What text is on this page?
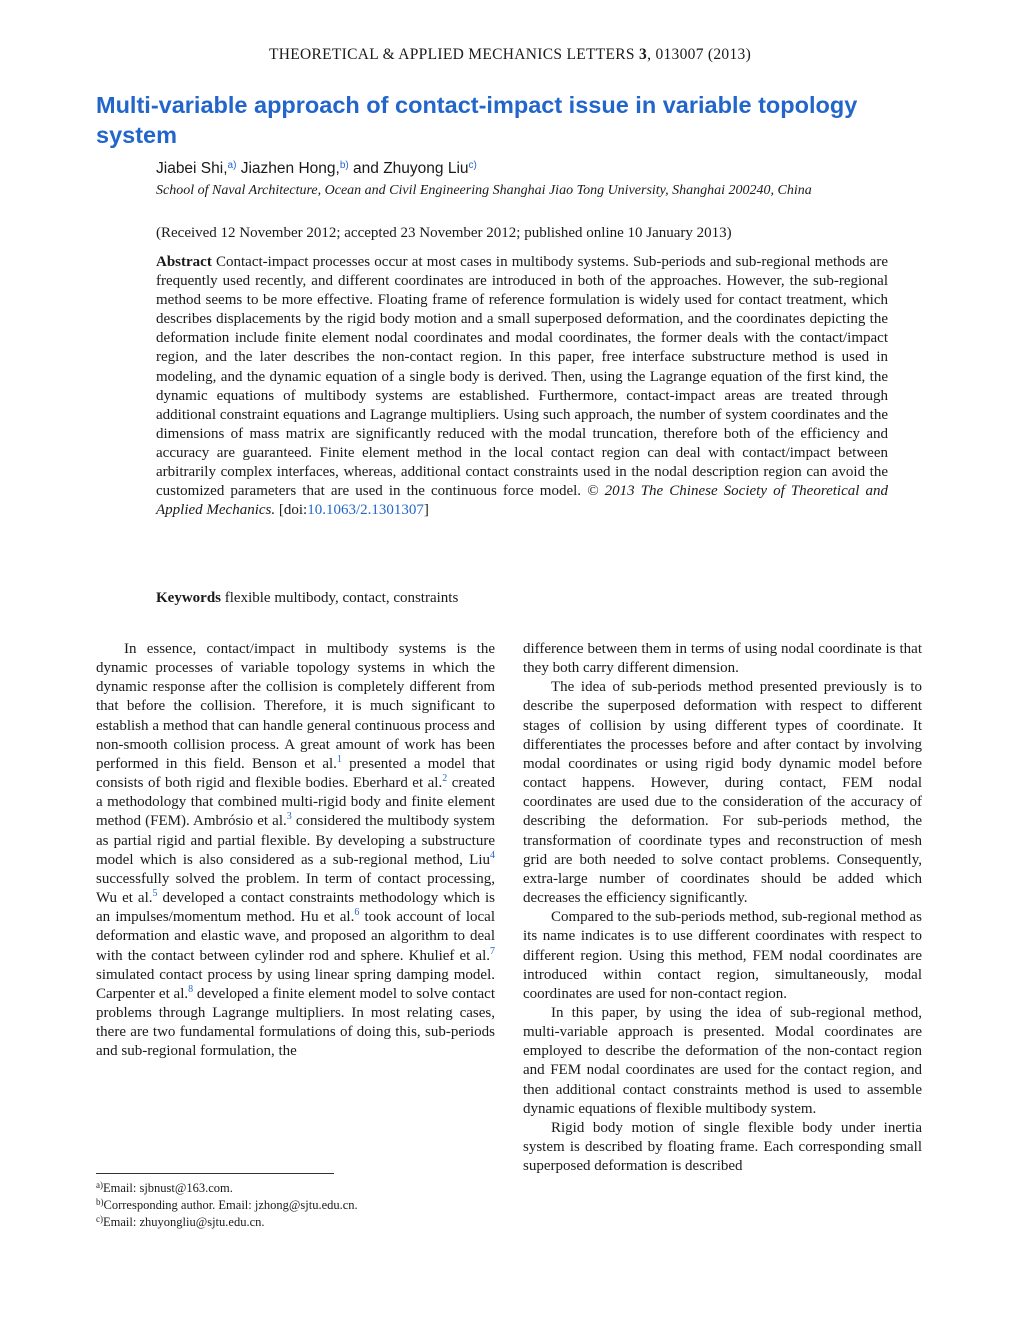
THEORETICAL & APPLIED MECHANICS LETTERS 3, 013007 (2013)
Multi-variable approach of contact-impact issue in variable topology system
Jiabei Shi,$^{a)}$ Jiazhen Hong,$^{b)}$ and Zhuyong Liu$^{c)}$
School of Naval Architecture, Ocean and Civil Engineering Shanghai Jiao Tong University, Shanghai 200240, China
(Received 12 November 2012; accepted 23 November 2012; published online 10 January 2013)

Abstract Contact-impact processes occur at most cases in multibody systems. Sub-periods and sub-regional methods are frequently used recently, and different coordinates are introduced in both of the approaches. However, the sub-regional method seems to be more effective. Floating frame of reference formulation is widely used for contact treatment, which describes displacements by the rigid body motion and a small superposed deformation, and the coordinates depicting the deformation include finite element nodal coordinates and modal coordinates, the former deals with the contact/impact region, and the later describes the non-contact region. In this paper, free interface substructure method is used in modeling, and the dynamic equation of a single body is derived. Then, using the Lagrange equation of the first kind, the dynamic equations of multibody systems are established. Furthermore, contact-impact areas are treated through additional constraint equations and Lagrange multipliers. Using such approach, the number of system coordinates and the dimensions of mass matrix are significantly reduced with the modal truncation, therefore both of the efficiency and accuracy are guaranteed. Finite element method in the local contact region can deal with contact/impact between arbitrarily complex interfaces, whereas, additional contact constraints used in the nodal description region can avoid the customized parameters that are used in the continuous force model. © 2013 The Chinese Society of Theoretical and Applied Mechanics. [doi:10.1063/2.1301307]

Keywords flexible multibody, contact, constraints

In essence, contact/impact in multibody systems is the dynamic processes of variable topology systems in which the dynamic response after the collision is completely different from that before the collision. Therefore, it is much significant to establish a method that can handle general continuous process and non-smooth collision process. A great amount of work has been performed in this field. Benson et al.$^1$ presented a model that consists of both rigid and flexible bodies. Eberhard et al.$^2$ created a methodology that combined multi-rigid body and finite element method (FEM). Ambrósio et al.$^3$ considered the multibody system as partial rigid and partial flexible. By developing a substructure model which is also considered as a sub-regional method, Liu$^4$ successfully solved the problem. In term of contact processing, Wu et al.$^5$ developed a contact constraints methodology which is an impulses/momentum method. Hu et al.$^6$ took account of local deformation and elastic wave, and proposed an algorithm to deal with the contact between cylinder rod and sphere. Khulief et al.$^7$ simulated contact process by using linear spring damping model. Carpenter et al.$^8$ developed a finite element model to solve contact problems through Lagrange multipliers. In most relating cases, there are two fundamental formulations of doing this, sub-periods and sub-regional formulation, the

difference between them in terms of using nodal coordinate is that they both carry different dimension.

The idea of sub-periods method presented previously is to describe the superposed deformation with respect to different stages of collision by using different types of coordinate. It differentiates the processes before and after contact by involving modal coordinates or using rigid body dynamic model before contact happens. However, during contact, FEM nodal coordinates are used due to the consideration of the accuracy of describing the deformation. For sub-periods method, the transformation of coordinate types and reconstruction of mesh grid are both needed to solve contact problems. Consequently, extra-large number of coordinates should be added which decreases the efficiency significantly.

Compared to the sub-periods method, sub-regional method as its name indicates is to use different coordinates with respect to different region. Using this method, FEM nodal coordinates are introduced within contact region, simultaneously, modal coordinates are used for non-contact region.

In this paper, by using the idea of sub-regional method, multi-variable approach is presented. Modal coordinates are employed to describe the deformation of the non-contact region and FEM nodal coordinates are used for the contact region, and then additional contact constraints method is used to assemble dynamic equations of flexible multibody system.

Rigid body motion of single flexible body under inertia system is described by floating frame. Each corresponding small superposed deformation is described

$^{a)}$Email: sjbnust@163.com.
$^{b)}$Corresponding author. Email: jzhong@sjtu.edu.cn.
$^{c)}$Email: zhuyongliu@sjtu.edu.cn.
